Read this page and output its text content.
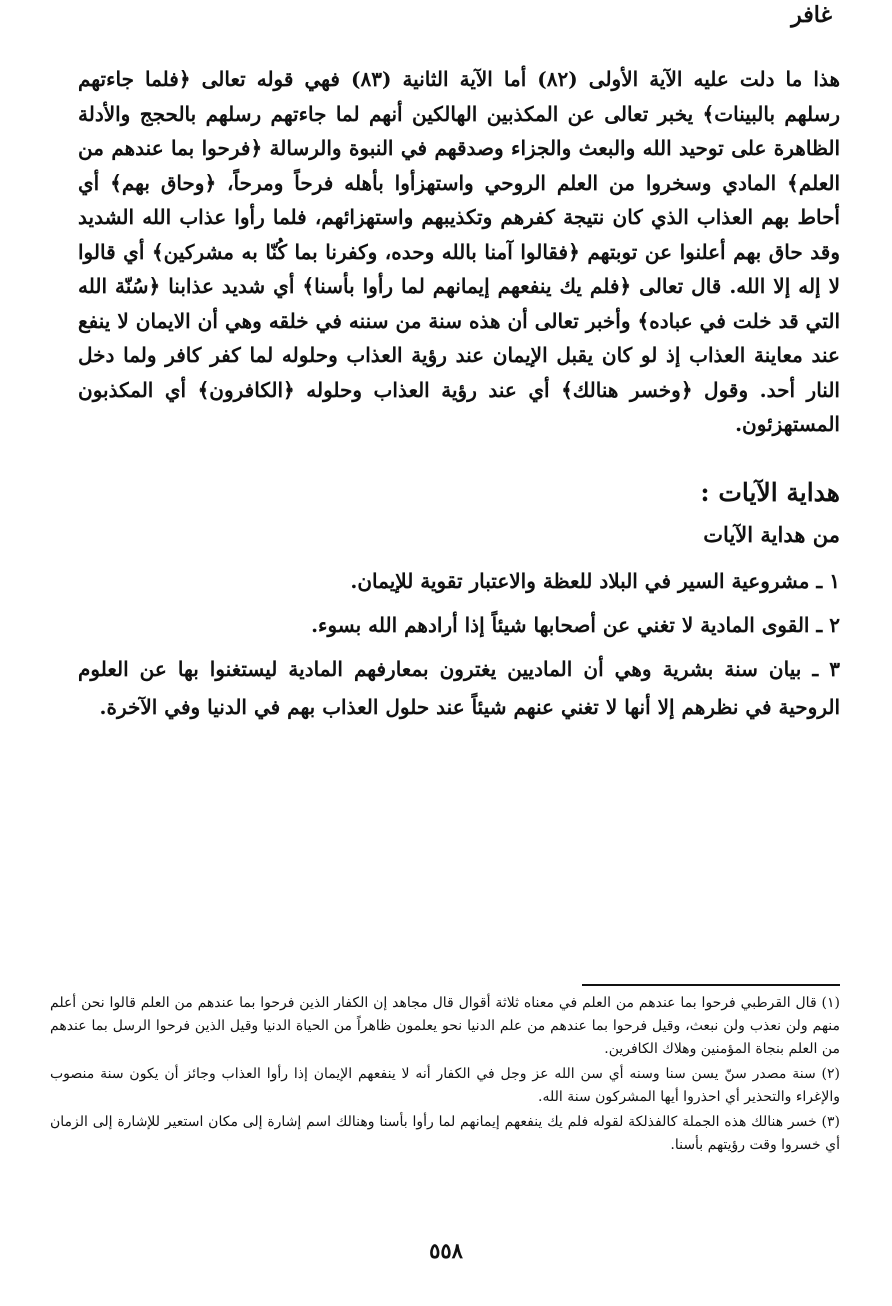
غافر

هذا ما دلت عليه الآية الأولى (٨٢) أما الآية الثانية (٨٣) فهي قوله تعالى ﴿فلما جاءتهم رسلهم بالبينات﴾ يخبر تعالى عن المكذبين الهالكين أنهم لما جاءتهم رسلهم بالحجج والأدلة الظاهرة على توحيد الله والبعث والجزاء وصدقهم في النبوة والرسالة ﴿فرحوا بما عندهم من العلم﴾ المادي وسخروا من العلم الروحي واستهزأوا بأهله فرحاً ومرحاً، ﴿وحاق بهم﴾ أي أحاط بهم العذاب الذي كان نتيجة كفرهم وتكذيبهم واستهزائهم، فلما رأوا عذاب الله الشديد وقد حاق بهم أعلنوا عن توبتهم ﴿فقالوا آمنا بالله وحده، وكفرنا بما كُنّا به مشركين﴾ أي قالوا لا إله إلا الله. قال تعالى ﴿فلم يك ينفعهم إيمانهم لما رأوا بأسنا﴾ أي شديد عذابنا ﴿سُنّة الله التي قد خلت في عباده﴾ وأخبر تعالى أن هذه سنة من سننه في خلقه وهي أن الايمان لا ينفع عند معاينة العذاب إذ لو كان يقبل الإيمان عند رؤية العذاب وحلوله لما كفر كافر ولما دخل النار أحد. وقول ﴿وخسر هنالك﴾ أي عند رؤية العذاب وحلوله ﴿الكافرون﴾ أي المكذبون المستهزئون.

هداية الآيات :
من هداية الآيات
١ ـ مشروعية السير في البلاد للعظة والاعتبار تقوية للإيمان.
٢ ـ القوى المادية لا تغني عن أصحابها شيئاً إذا أرادهم الله بسوء.
٣ ـ بيان سنة بشرية وهي أن الماديين يغترون بمعارفهم المادية ليستغنوا بها عن العلوم الروحية في نظرهم إلا أنها لا تغني عنهم شيئاً عند حلول العذاب بهم في الدنيا وفي الآخرة.

(١) قال القرطبي فرحوا بما عندهم من العلم في معناه ثلاثة أقوال قال مجاهد إن الكفار الذين فرحوا بما عندهم من العلم قالوا نحن أعلم منهم ولن نعذب ولن نبعث، وقيل فرحوا بما عندهم من علم الدنيا نحو يعلمون ظاهراً من الحياة الدنيا وقيل الذين فرحوا الرسل بما عندهم من العلم بنجاة المؤمنين وهلاك الكافرين.

(٢) سنة مصدر سنّ يسن سنا وسنه أي سن الله عز وجل في الكفار أنه لا ينفعهم الإيمان إذا رأوا العذاب وجائز أن يكون سنة منصوب والإغراء والتحذير أي احذروا أيها المشركون سنة الله.

(٣) خسر هنالك هذه الجملة كالفذلكة لقوله فلم يك ينفعهم إيمانهم لما رأوا بأسنا وهنالك اسم إشارة إلى مكان استعير للإشارة إلى الزمان أي خسروا وقت رؤيتهم بأسنا.

٥٥٨
